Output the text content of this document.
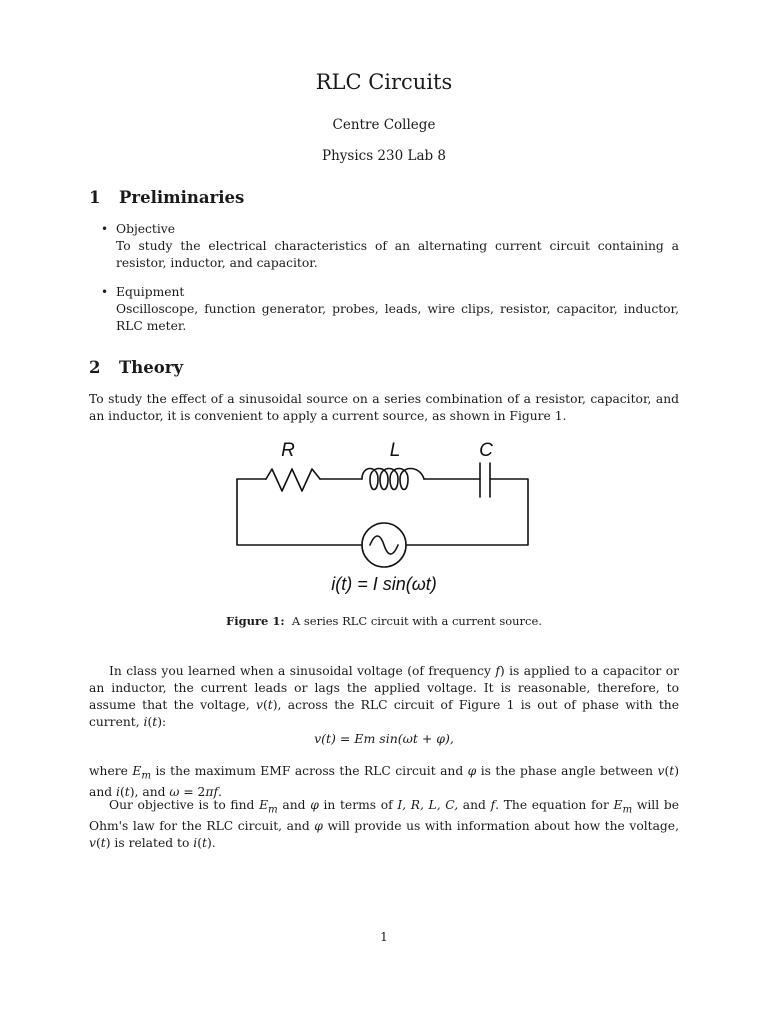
RLC Circuits
Centre College
Physics 230 Lab 8
1 Preliminaries
• Objective
To study the electrical characteristics of an alternating current circuit containing a resistor, inductor, and capacitor.
• Equipment
Oscilloscope, function generator, probes, leads, wire clips, resistor, capacitor, inductor, RLC meter.
2 Theory
To study the effect of a sinusoidal source on a series combination of a resistor, capacitor, and an inductor, it is convenient to apply a current source, as shown in Figure 1.
R	L	C
i(t) = I sin(ωt)
Figure 1: A series RLC circuit with a current source.
In class you learned when a sinusoidal voltage (of frequency f) is applied to a capacitor or an inductor, the current leads or lags the applied voltage. It is reasonable, therefore, to assume that the voltage, v(t), across the RLC circuit of Figure 1 is out of phase with the current, i(t):
v(t) = Em sin(ωt + φ),
where $E_m$ is the maximum EMF across the RLC circuit and φ is the phase angle between v(t) and i(t), and ω = 2πf.
Our objective is to find $E_m$ and φ in terms of I, R, L, C, and f. The equation for $E_m$ will be Ohm's law for the RLC circuit, and φ will provide us with information about how the voltage, v(t) is related to i(t).
1
